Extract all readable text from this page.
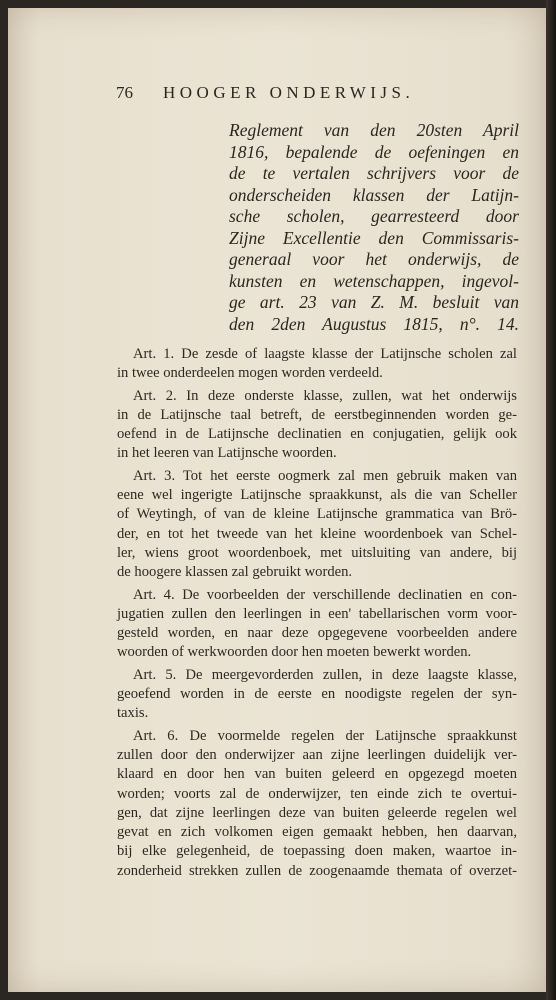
76 HOOGER ONDERWIJS.
Reglement van den 20sten April
1816, bepalende de oefeningen en
de te vertalen schrijvers voor de
onderscheiden klassen der Latijn-
sche scholen, gearresteerd door
Zijne Excellentie den Commissaris-
generaal voor het onderwijs, de
kunsten en wetenschappen, ingevol-
ge art. 23 van Z. M. besluit van
den 2den Augustus 1815, n°. 14.
Art. 1. De zesde of laagste klasse der Latijnsche scholen zal
in twee onderdeelen mogen worden verdeeld.
Art. 2. In deze onderste klasse, zullen, wat het onderwijs
in de Latijnsche taal betreft, de eerstbeginnenden worden ge-
oefend in de Latijnsche declinatien en conjugatien, gelijk ook
in het leeren van Latijnsche woorden.
Art. 3. Tot het eerste oogmerk zal men gebruik maken van
eene wel ingerigte Latijnsche spraakkunst, als die van Scheller
of Weytingh, of van de kleine Latijnsche grammatica van Brö-
der, en tot het tweede van het kleine woordenboek van Schel-
ler, wiens groot woordenboek, met uitsluiting van andere, bij
de hoogere klassen zal gebruikt worden.
Art. 4. De voorbeelden der verschillende declinatien en con-
jugatien zullen den leerlingen in een' tabellarischen vorm voor-
gesteld worden, en naar deze opgegevene voorbeelden andere
woorden of werkwoorden door hen moeten bewerkt worden.
Art. 5. De meergevorderden zullen, in deze laagste klasse,
geoefend worden in de eerste en noodigste regelen der syn-
taxis.
Art. 6. De voormelde regelen der Latijnsche spraakkunst
zullen door den onderwijzer aan zijne leerlingen duidelijk ver-
klaard en door hen van buiten geleerd en opgezegd moeten
worden; voorts zal de onderwijzer, ten einde zich te overtui-
gen, dat zijne leerlingen deze van buiten geleerde regelen wel
gevat en zich volkomen eigen gemaakt hebben, hen daarvan,
bij elke gelegenheid, de toepassing doen maken, waartoe in-
zonderheid strekken zullen de zoogenaamde themata of overzet-
